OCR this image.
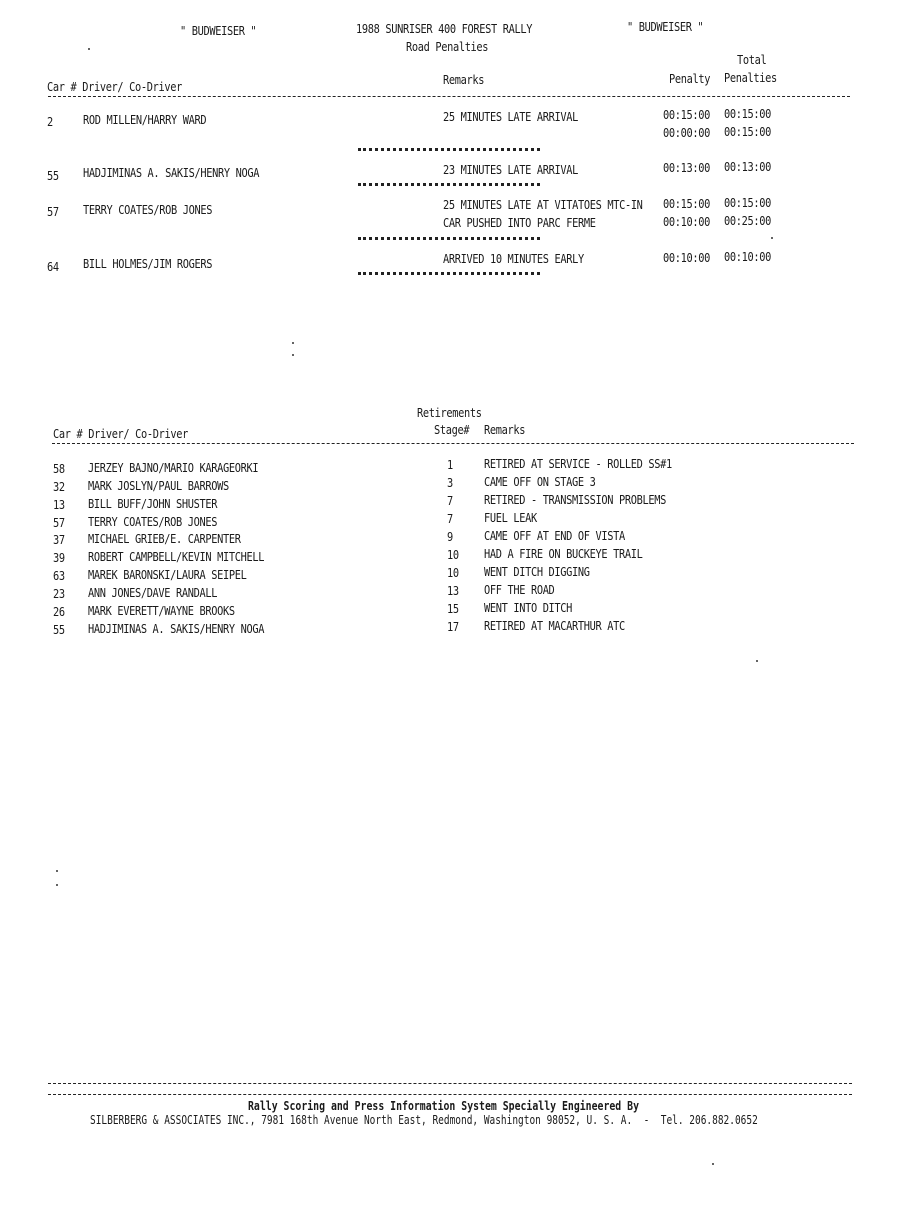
" BUDWEISER "	1988 SUNRISER 400 FOREST RALLY	" BUDWEISER "
Road Penalties
Total
Car # Driver/ Co-Driver	Remarks	Penalty Penalties
2	ROD MILLEN/HARRY WARD	25 MINUTES LATE ARRIVAL	00:15:00 00:15:00
00:00:00 00:15:00
55 HADJIMINAS A. SAKIS/HENRY NOGA	23 MINUTES LATE ARRIVAL	00:13:00 00:13:00
57 TERRY COATES/ROB JONES	25 MINUTES LATE AT VITATOES MTC-IN 00:15:00 00:15:00
CAR PUSHED INTO PARC FERME	00:10:00 00:25:00
64 BILL HOLMES/JIM ROGERS	ARRIVED 10 MINUTES EARLY	00:10:00 00:10:00
Retirements
Car # Driver/ Co-Driver	Stage# Remarks
58 JERZEY BAJNO/MARIO KARAGEORKI	1	RETIRED AT SERVICE - ROLLED SS#1
32 MARK JOSLYN/PAUL BARROWS	3	CAME OFF ON STAGE 3
13 BILL BUFF/JOHN SHUSTER	7	RETIRED - TRANSMISSION PROBLEMS
57 TERRY COATES/ROB JONES	7	FUEL LEAK
37 MICHAEL GRIEB/E. CARPENTER	9	CAME OFF AT END OF VISTA
39 ROBERT CAMPBELL/KEVIN MITCHELL	10 HAD A FIRE ON BUCKEYE TRAIL
63 MAREK BARONSKI/LAURA SEIPEL	10 WENT DITCH DIGGING
23 ANN JONES/DAVE RANDALL	13 OFF THE ROAD
26 MARK EVERETT/WAYNE BROOKS	15 WENT INTO DITCH
55 HADJIMINAS A. SAKIS/HENRY NOGA	17 RETIRED AT MACARTHUR ATC
Rally Scoring and Press Information System Specially Engineered By
SILBERBERG & ASSOCIATES INC., 7981 168th Avenue North East, Redmond, Washington 98052, U. S. A.  -  Tel. 206.882.0652
